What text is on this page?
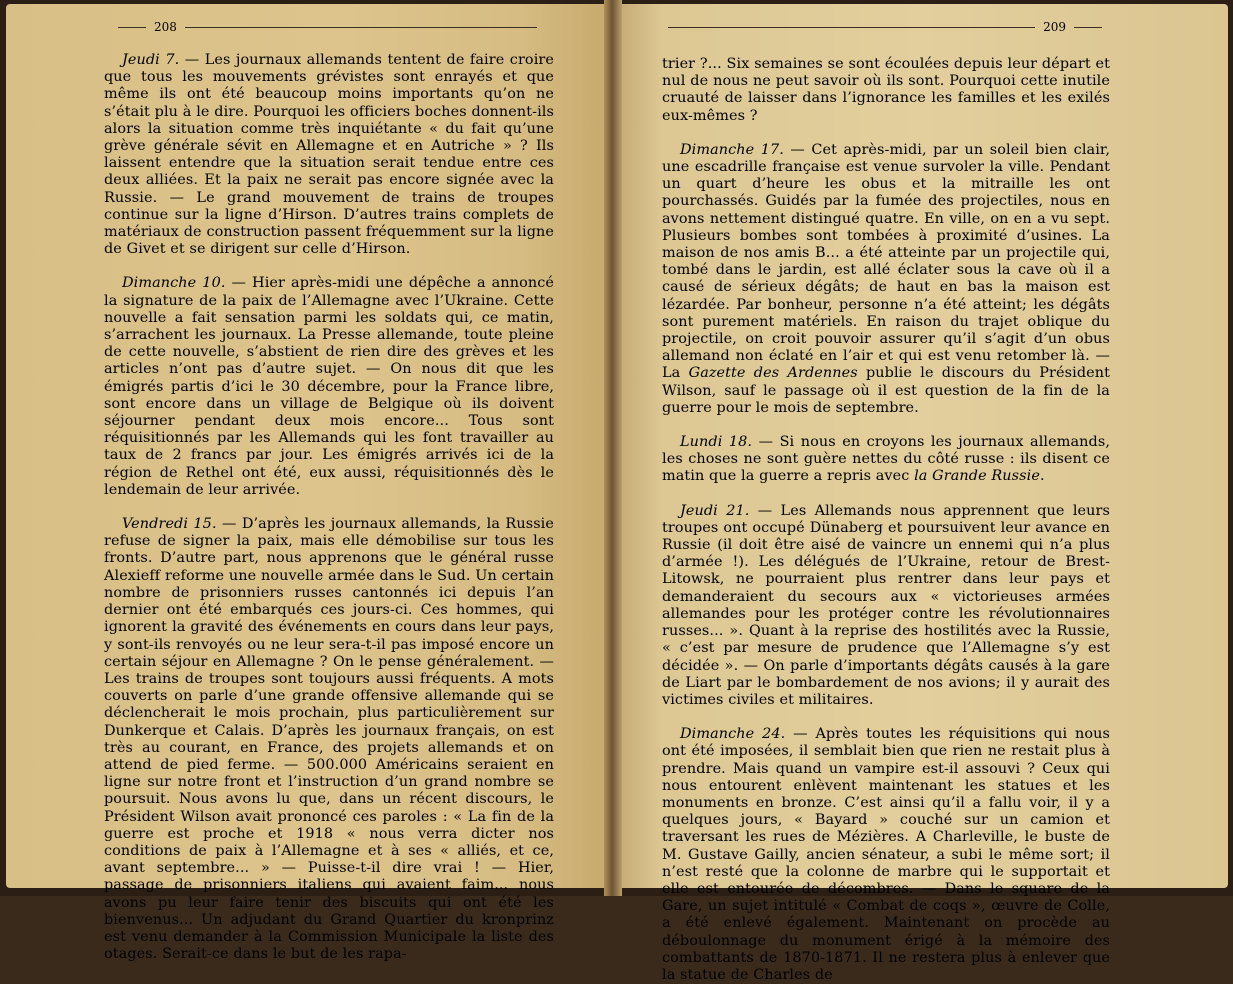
208	209

Jeudi 7. — Les journaux allemands tentent de faire croire que tous les mouvements grévistes sont enrayés et que même ils ont été beaucoup moins importants qu’on ne s’était plu à le dire. Pourquoi les officiers boches donnent-ils alors la situation comme très inquiétante « du fait qu’une grève générale sévit en Allemagne et en Autriche » ? Ils laissent entendre que la situation serait tendue entre ces deux alliées. Et la paix ne serait pas encore signée avec la Russie. — Le grand mouvement de trains de troupes continue sur la ligne d’Hirson. D’autres trains complets de matériaux de construction passent fréquemment sur la ligne de Givet et se dirigent sur celle d’Hirson.

Dimanche 10. — Hier après-midi une dépêche a annoncé la signature de la paix de l’Allemagne avec l’Ukraine. Cette nouvelle a fait sensation parmi les soldats qui, ce matin, s’arrachent les journaux. La Presse allemande, toute pleine de cette nouvelle, s’abstient de rien dire des grèves et les articles n’ont pas d’autre sujet. — On nous dit que les émigrés partis d’ici le 30 décembre, pour la France libre, sont encore dans un village de Belgique où ils doivent séjourner pendant deux mois encore... Tous sont réquisitionnés par les Allemands qui les font travailler au taux de 2 francs par jour. Les émigrés arrivés ici de la région de Rethel ont été, eux aussi, réquisitionnés dès le lendemain de leur arrivée.

Vendredi 15. — D’après les journaux allemands, la Russie refuse de signer la paix, mais elle démobilise sur tous les fronts. D’autre part, nous apprenons que le général russe Alexieff reforme une nouvelle armée dans le Sud. Un certain nombre de prisonniers russes cantonnés ici depuis l’an dernier ont été embarqués ces jours-ci. Ces hommes, qui ignorent la gravité des événements en cours dans leur pays, y sont-ils renvoyés ou ne leur sera-t-il pas imposé encore un certain séjour en Allemagne ? On le pense généralement. — Les trains de troupes sont toujours aussi fréquents. A mots couverts on parle d’une grande offensive allemande qui se déclencherait le mois prochain, plus particulièrement sur Dunkerque et Calais. D’après les journaux français, on est très au courant, en France, des projets allemands et on attend de pied ferme. — 500.000 Américains seraient en ligne sur notre front et l’instruction d’un grand nombre se poursuit. Nous avons lu que, dans un récent discours, le Président Wilson avait prononcé ces paroles : « La fin de la guerre est proche et 1918 « nous verra dicter nos conditions de paix à l’Allemagne et à ses « alliés, et ce, avant septembre... » — Puisse-t-il dire vrai ! — Hier, passage de prisonniers italiens qui avaient faim... nous avons pu leur faire tenir des biscuits qui ont été les bienvenus... Un adjudant du Grand Quartier du kronprinz est venu demander à la Commission Municipale la liste des otages. Serait-ce dans le but de les rapa-

trier ?... Six semaines se sont écoulées depuis leur départ et nul de nous ne peut savoir où ils sont. Pourquoi cette inutile cruauté de laisser dans l’ignorance les familles et les exilés eux-mêmes ?

Dimanche 17. — Cet après-midi, par un soleil bien clair, une escadrille française est venue survoler la ville. Pendant un quart d’heure les obus et la mitraille les ont pourchassés. Guidés par la fumée des projectiles, nous en avons nettement distingué quatre. En ville, on en a vu sept. Plusieurs bombes sont tombées à proximité d’usines. La maison de nos amis B... a été atteinte par un projectile qui, tombé dans le jardin, est allé éclater sous la cave où il a causé de sérieux dégâts; de haut en bas la maison est lézardée. Par bonheur, personne n’a été atteint; les dégâts sont purement matériels. En raison du trajet oblique du projectile, on croit pouvoir assurer qu’il s’agit d’un obus allemand non éclaté en l’air et qui est venu retomber là. — La Gazette des Ardennes publie le discours du Président Wilson, sauf le passage où il est question de la fin de la guerre pour le mois de septembre.

Lundi 18. — Si nous en croyons les journaux allemands, les choses ne sont guère nettes du côté russe : ils disent ce matin que la guerre a repris avec la Grande Russie.

Jeudi 21. — Les Allemands nous apprennent que leurs troupes ont occupé Dünaberg et poursuivent leur avance en Russie (il doit être aisé de vaincre un ennemi qui n’a plus d’armée !). Les délégués de l’Ukraine, retour de Brest-Litowsk, ne pourraient plus rentrer dans leur pays et demanderaient du secours aux « victorieuses armées allemandes pour les protéger contre les révolutionnaires russes... ». Quant à la reprise des hostilités avec la Russie, « c’est par mesure de prudence que l’Allemagne s’y est décidée ». — On parle d’importants dégâts causés à la gare de Liart par le bombardement de nos avions; il y aurait des victimes civiles et militaires.

Dimanche 24. — Après toutes les réquisitions qui nous ont été imposées, il semblait bien que rien ne restait plus à prendre. Mais quand un vampire est-il assouvi ? Ceux qui nous entourent enlèvent maintenant les statues et les monuments en bronze. C’est ainsi qu’il a fallu voir, il y a quelques jours, « Bayard » couché sur un camion et traversant les rues de Mézières. A Charleville, le buste de M. Gustave Gailly, ancien sénateur, a subi le même sort; il n’est resté que la colonne de marbre qui le supportait et elle est entourée de décombres. — Dans le square de la Gare, un sujet intitulé « Combat de coqs », œuvre de Colle, a été enlevé également. Maintenant on procède au déboulonnage du monument érigé à la mémoire des combattants de 1870-1871. Il ne restera plus à enlever que la statue de Charles de
